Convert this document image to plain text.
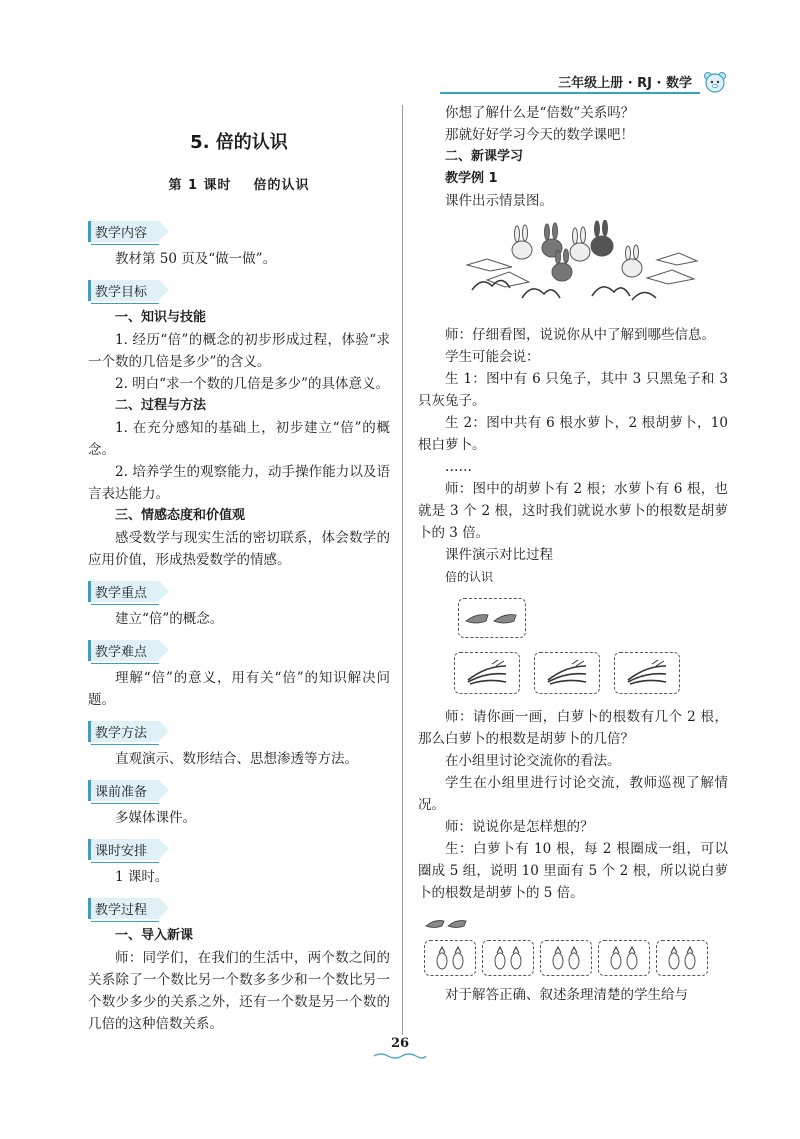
三年级上册 · RJ · 数学
5. 倍的认识
第 1 课时 倍的认识
教学内容

教材第 50 页及“做一做”。

教学目标

一、知识与技能

1. 经历“倍”的概念的初步形成过程，体验“求一个数的几倍是多少”的含义。

2. 明白“求一个数的几倍是多少”的具体意义。

二、过程与方法

1. 在充分感知的基础上，初步建立“倍”的概念。

2. 培养学生的观察能力，动手操作能力以及语言表达能力。

三、情感态度和价值观

感受数学与现实生活的密切联系，体会数学的应用价值，形成热爱数学的情感。

教学重点

建立“倍”的概念。

教学难点

理解“倍”的意义，用有关“倍”的知识解决问题。

教学方法

直观演示、数形结合、思想渗透等方法。

课前准备

多媒体课件。

课时安排

1 课时。

教学过程

一、导入新课

师：同学们，在我们的生活中，两个数之间的关系除了一个数比另一个数多多少和一个数比另一个数少多少的关系之外，还有一个数是另一个数的几倍的这种倍数关系。

你想了解什么是“倍数”关系吗？

那就好好学习今天的数学课吧！

二、新课学习

教学例 1

课件出示情景图。

师：仔细看图，说说你从中了解到哪些信息。

学生可能会说：

生 1：图中有 6 只兔子，其中 3 只黑兔子和 3 只灰兔子。

生 2：图中共有 6 根水萝卜，2 根胡萝卜，10 根白萝卜。

……

师：图中的胡萝卜有 2 根；水萝卜有 6 根，也就是 3 个 2 根，这时我们就说水萝卜的根数是胡萝卜的 3 倍。

课件演示对比过程

倍的认识

师：请你画一画，白萝卜的根数有几个 2 根，那么白萝卜的根数是胡萝卜的几倍？

在小组里讨论交流你的看法。

学生在小组里进行讨论交流，教师巡视了解情况。

师：说说你是怎样想的？

生：白萝卜有 10 根，每 2 根圈成一组，可以圈成 5 组，说明 10 里面有 5 个 2 根，所以说白萝卜的根数是胡萝卜的 5 倍。

对于解答正确、叙述条理清楚的学生给与

26
